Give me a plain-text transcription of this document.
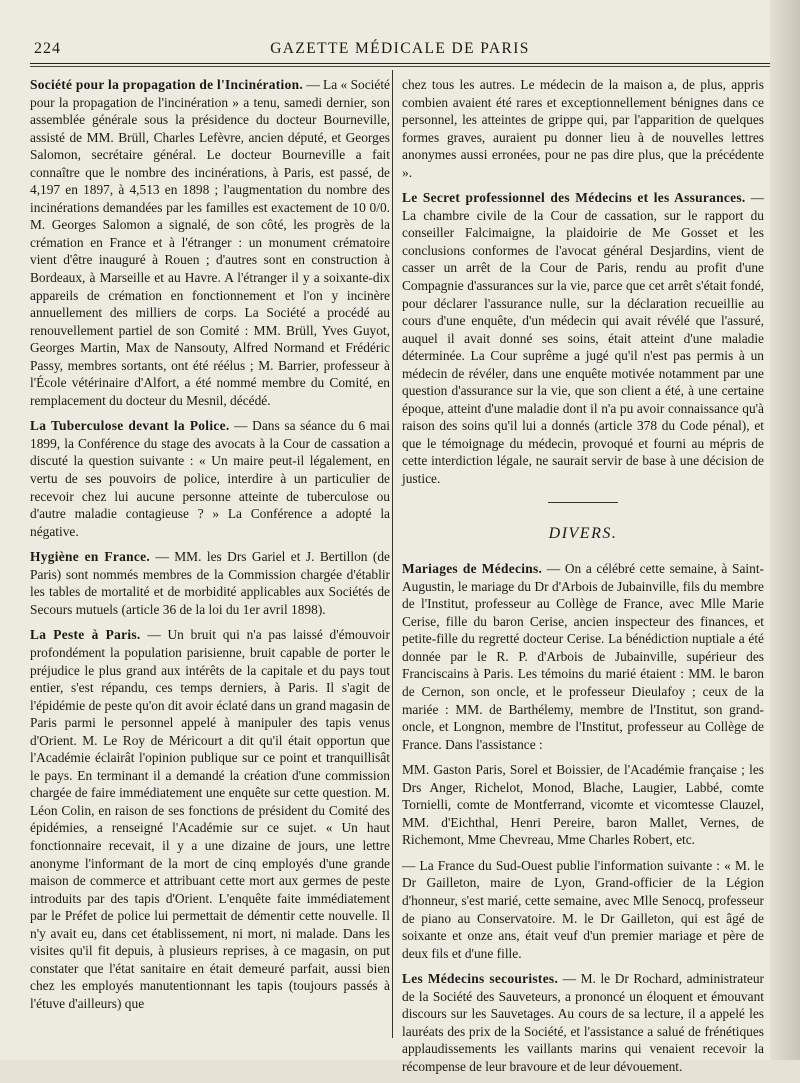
224	GAZETTE MÉDICALE DE PARIS

Société pour la propagation de l'Incinération. — La « Société pour la propagation de l'incinération » a tenu, samedi dernier, son assemblée générale sous la présidence du docteur Bourneville, assisté de MM. Brüll, Charles Lefèvre, ancien député, et Georges Salomon, secrétaire général. Le docteur Bourneville a fait connaître que le nombre des incinérations, à Paris, est passé, de 4,197 en 1897, à 4,513 en 1898 ; l'augmentation du nombre des incinérations demandées par les familles est exactement de 10 0/0. M. Georges Salomon a signalé, de son côté, les progrès de la crémation en France et à l'étranger : un monument crématoire vient d'être inauguré à Rouen ; d'autres sont en construction à Bordeaux, à Marseille et au Havre. A l'étranger il y a soixante-dix appareils de crémation en fonctionnement et l'on y incinère annuellement des milliers de corps. La Société a procédé au renouvellement partiel de son Comité : MM. Brüll, Yves Guyot, Georges Martin, Max de Nansouty, Alfred Normand et Frédéric Passy, membres sortants, ont été réélus ; M. Barrier, professeur à l'École vétérinaire d'Alfort, a été nommé membre du Comité, en remplacement du docteur du Mesnil, décédé.

La Tuberculose devant la Police. — Dans sa séance du 6 mai 1899, la Conférence du stage des avocats à la Cour de cassation a discuté la question suivante : « Un maire peut-il légalement, en vertu de ses pouvoirs de police, interdire à un particulier de recevoir chez lui aucune personne atteinte de tuberculose ou d'autre maladie contagieuse ? » La Conférence a adopté la négative.

Hygiène en France. — MM. les Drs Gariel et J. Bertillon (de Paris) sont nommés membres de la Commission chargée d'établir les tables de mortalité et de morbidité applicables aux Sociétés de Secours mutuels (article 36 de la loi du 1er avril 1898).

La Peste à Paris. — Un bruit qui n'a pas laissé d'émouvoir profondément la population parisienne, bruit capable de porter le préjudice le plus grand aux intérêts de la capitale et du pays tout entier, s'est répandu, ces temps derniers, à Paris. Il s'agit de l'épidémie de peste qu'on dit avoir éclaté dans un grand magasin de Paris parmi le personnel appelé à manipuler des tapis venus d'Orient. M. Le Roy de Méricourt a dit qu'il était opportun que l'Académie éclairât l'opinion publique sur ce point et tranquillisât le pays. En terminant il a demandé la création d'une commission chargée de faire immédiatement une enquête sur cette question. M. Léon Colin, en raison de ses fonctions de président du Comité des épidémies, a renseigné l'Académie sur ce sujet. « Un haut fonctionnaire recevait, il y a une dizaine de jours, une lettre anonyme l'informant de la mort de cinq employés d'une grande maison de commerce et attribuant cette mort aux germes de peste introduits par des tapis d'Orient. L'enquête faite immédiatement par le Préfet de police lui permettait de démentir cette nouvelle. Il n'y avait eu, dans cet établissement, ni mort, ni malade. Dans les visites qu'il fit depuis, à plusieurs reprises, à ce magasin, on put constater que l'état sanitaire en était demeuré parfait, aussi bien chez les employés manutentionnant les tapis (toujours passés à l'étuve d'ailleurs) que

chez tous les autres. Le médecin de la maison a, de plus, appris combien avaient été rares et exceptionnellement bénignes dans ce personnel, les atteintes de grippe qui, par l'apparition de quelques formes graves, auraient pu donner lieu à de nouvelles lettres anonymes aussi erronées, pour ne pas dire plus, que la précédente ».

Le Secret professionnel des Médecins et les Assurances. — La chambre civile de la Cour de cassation, sur le rapport du conseiller Falcimaigne, la plaidoirie de Me Gosset et les conclusions conformes de l'avocat général Desjardins, vient de casser un arrêt de la Cour de Paris, rendu au profit d'une Compagnie d'assurances sur la vie, parce que cet arrêt s'était fondé, pour déclarer l'assurance nulle, sur la déclaration recueillie au cours d'une enquête, d'un médecin qui avait révélé que l'assuré, auquel il avait donné ses soins, était atteint d'une maladie déterminée. La Cour suprême a jugé qu'il n'est pas permis à un médecin de révéler, dans une enquête motivée notamment par une question d'assurance sur la vie, que son client a été, à une certaine époque, atteint d'une maladie dont il n'a pu avoir connaissance qu'à raison des soins qu'il lui a donnés (article 378 du Code pénal), et que le témoignage du médecin, provoqué et fourni au mépris de cette interdiction légale, ne saurait servir de base à une décision de justice.

DIVERS.

Mariages de Médecins. — On a célébré cette semaine, à Saint-Augustin, le mariage du Dr d'Arbois de Jubainville, fils du membre de l'Institut, professeur au Collège de France, avec Mlle Marie Cerise, fille du baron Cerise, ancien inspecteur des finances, et petite-fille du regretté docteur Cerise. La bénédiction nuptiale a été donnée par le R. P. d'Arbois de Jubainville, supérieur des Franciscains à Paris. Les témoins du marié étaient : MM. le baron de Cernon, son oncle, et le professeur Dieulafoy ; ceux de la mariée : MM. de Barthélemy, membre de l'Institut, son grand-oncle, et Longnon, membre de l'Institut, professeur au Collège de France. Dans l'assistance :

MM. Gaston Paris, Sorel et Boissier, de l'Académie française ; les Drs Anger, Richelot, Monod, Blache, Laugier, Labbé, comte Tornielli, comte de Montferrand, vicomte et vicomtesse Clauzel, MM. d'Eichthal, Henri Pereire, baron Mallet, Vernes, de Richemont, Mme Chevreau, Mme Charles Robert, etc.

— La France du Sud-Ouest publie l'information suivante : « M. le Dr Gailleton, maire de Lyon, Grand-officier de la Légion d'honneur, s'est marié, cette semaine, avec Mlle Senocq, professeur de piano au Conservatoire. M. le Dr Gailleton, qui est âgé de soixante et onze ans, était veuf d'un premier mariage et père de deux fils et d'une fille.

Les Médecins secouristes. — M. le Dr Rochard, administrateur de la Société des Sauveteurs, a prononcé un éloquent et émouvant discours sur les Sauvetages. Au cours de sa lecture, il a appelé les lauréats des prix de la Société, et l'assistance a salué de frénétiques applaudissements les vaillants marins qui venaient recevoir la récompense de leur bravoure et de leur dévouement.
